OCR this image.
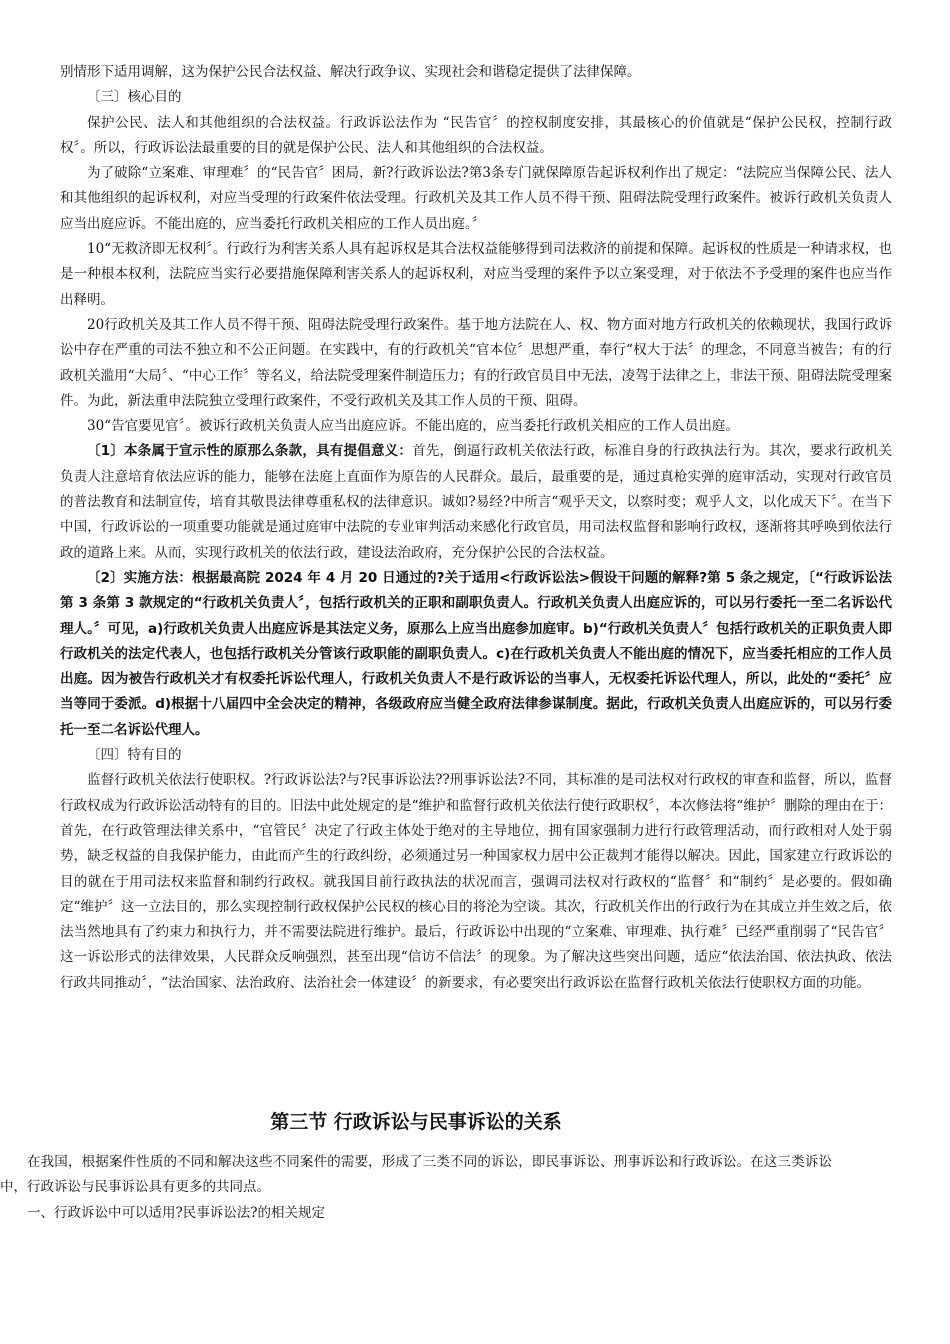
别情形下适用调解，这为保护公民合法权益、解决行政争议、实现社会和谐稳定提供了法律保障。

〔三〕核心目的

保护公民、法人和其他组织的合法权益。行政诉讼法作为 “民告官〞的控权制度安排，其最核心的价值就是“保护公民权，控制行政权〞。所以，行政诉讼法最重要的目的就是保护公民、法人和其他组织的合法权益。

为了破除“立案难、审理难〞的“民告官〞困局，新?行政诉讼法?第3条专门就保障原告起诉权利作出了规定：“法院应当保障公民、法人和其他组织的起诉权利，对应当受理的行政案件依法受理。行政机关及其工作人员不得干预、阻碍法院受理行政案件。被诉行政机关负责人应当出庭应诉。不能出庭的，应当委托行政机关相应的工作人员出庭。〞

10“无救济即无权利〞。行政行为利害关系人具有起诉权是其合法权益能够得到司法救济的前提和保障。起诉权的性质是一种请求权，也是一种根本权利，法院应当实行必要措施保障利害关系人的起诉权利，对应当受理的案件予以立案受理，对于依法不予受理的案件也应当作出释明。

20行政机关及其工作人员不得干预、阻碍法院受理行政案件。基于地方法院在人、权、物方面对地方行政机关的依赖现状，我国行政诉讼中存在严重的司法不独立和不公正问题。在实践中，有的行政机关“官本位〞思想严重，奉行“权大于法〞的理念，不同意当被告；有的行政机关滥用“大局〞、“中心工作〞等名义，给法院受理案件制造压力；有的行政官员目中无法，凌驾于法律之上，非法干预、阻碍法院受理案件。为此，新法重申法院独立受理行政案件，不受行政机关及其工作人员的干预、阻碍。

30“告官要见官〞。被诉行政机关负责人应当出庭应诉。不能出庭的，应当委托行政机关相应的工作人员出庭。

〔1〕本条属于宣示性的原那么条款，具有提倡意义：首先，倒逼行政机关依法行政，标准自身的行政执法行为。其次，要求行政机关负责人注意培育依法应诉的能力，能够在法庭上直面作为原告的人民群众。最后，最重要的是，通过真枪实弹的庭审活动，实现对行政官员的普法教育和法制宣传，培育其敬畏法律尊重私权的法律意识。诚如?易经?中所言“观乎天文，以察时变；观乎人文，以化成天下〞。在当下中国，行政诉讼的一项重要功能就是通过庭审中法院的专业审判活动来感化行政官员，用司法权监督和影响行政权，逐渐将其呼唤到依法行政的道路上来。从而，实现行政机关的依法行政，建设法治政府，充分保护公民的合法权益。

〔2〕实施方法：根据最高院 2024 年 4 月 20 日通过的?关于适用<行政诉讼法>假设干问题的解释?第 5 条之规定，〔“行政诉讼法第 3 条第 3 款规定的“行政机关负责人〞，包括行政机关的正职和副职负责人。行政机关负责人出庭应诉的，可以另行委托一至二名诉讼代理人。〞可见，a)行政机关负责人出庭应诉是其法定义务，原那么上应当出庭参加庭审。b)“行政机关负责人〞包括行政机关的正职负责人即行政机关的法定代表人，也包括行政机关分管该行政职能的副职负责人。c)在行政机关负责人不能出庭的情况下，应当委托相应的工作人员出庭。因为被告行政机关才有权委托诉讼代理人，行政机关负责人不是行政诉讼的当事人，无权委托诉讼代理人，所以，此处的“委托〞应当等同于委派。d)根据十八届四中全会决定的精神，各级政府应当健全政府法律参谋制度。据此，行政机关负责人出庭应诉的，可以另行委托一至二名诉讼代理人。

〔四〕特有目的

监督行政机关依法行使职权。?行政诉讼法?与?民事诉讼法??刑事诉讼法?不同，其标准的是司法权对行政权的审查和监督，所以，监督行政权成为行政诉讼活动特有的目的。旧法中此处规定的是“维护和监督行政机关依法行使行政职权〞，本次修法将“维护〞删除的理由在于：首先，在行政管理法律关系中，“官管民〞决定了行政主体处于绝对的主导地位，拥有国家强制力进行行政管理活动，而行政相对人处于弱势，缺乏权益的自我保护能力，由此而产生的行政纠纷，必须通过另一种国家权力居中公正裁判才能得以解决。因此，国家建立行政诉讼的目的就在于用司法权来监督和制约行政权。就我国目前行政执法的状况而言，强调司法权对行政权的“监督〞和“制约〞是必要的。假如确定“维护〞这一立法目的，那么实现控制行政权保护公民权的核心目的将沦为空谈。其次，行政机关作出的行政行为在其成立并生效之后，依法当然地具有了约束力和执行力，并不需要法院进行维护。最后，行政诉讼中出现的“立案难、审理难、执行难〞已经严重削弱了“民告官〞这一诉讼形式的法律效果，人民群众反响强烈，甚至出现“信访不信法〞的现象。为了解决这些突出问题，适应“依法治国、依法执政、依法行政共同推动〞，“法治国家、法治政府、法治社会一体建设〞的新要求，有必要突出行政诉讼在监督行政机关依法行使职权方面的功能。

第三节 行政诉讼与民事诉讼的关系

在我国，根据案件性质的不同和解决这些不同案件的需要，形成了三类不同的诉讼，即民事诉讼、刑事诉讼和行政诉讼。在这三类诉讼中，行政诉讼与民事诉讼具有更多的共同点。

一、行政诉讼中可以适用?民事诉讼法?的相关规定
